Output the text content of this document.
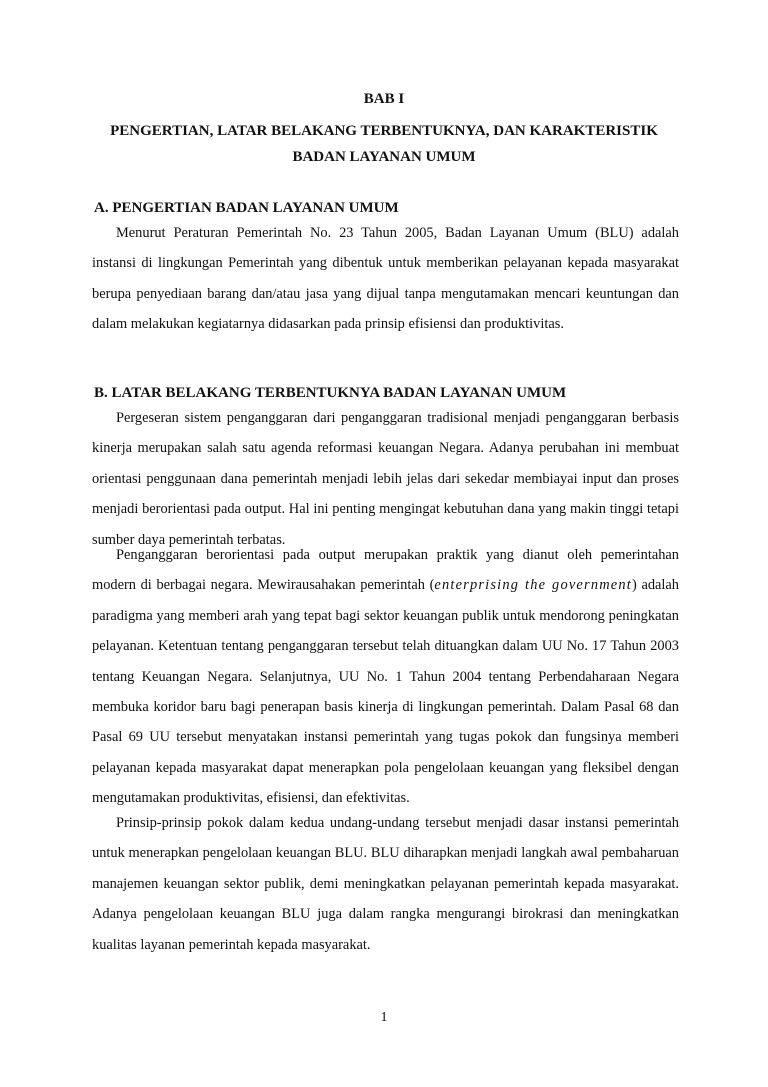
BAB I
PENGERTIAN, LATAR BELAKANG TERBENTUKNYA, DAN KARAKTERISTIK
BADAN LAYANAN UMUM
A. PENGERTIAN BADAN LAYANAN UMUM

Menurut Peraturan Pemerintah No. 23 Tahun 2005, Badan Layanan Umum (BLU) adalah instansi di lingkungan Pemerintah yang dibentuk untuk memberikan pelayanan kepada masyarakat berupa penyediaan barang dan/atau jasa yang dijual tanpa mengutamakan mencari keuntungan dan dalam melakukan kegiatarnya didasarkan pada prinsip efisiensi dan produktivitas.

B. LATAR BELAKANG TERBENTUKNYA BADAN LAYANAN UMUM

Pergeseran sistem penganggaran dari penganggaran tradisional menjadi penganggaran berbasis kinerja merupakan salah satu agenda reformasi keuangan Negara. Adanya perubahan ini membuat orientasi penggunaan dana pemerintah menjadi lebih jelas dari sekedar membiayai input dan proses menjadi berorientasi pada output. Hal ini penting mengingat kebutuhan dana yang makin tinggi tetapi sumber daya pemerintah terbatas.

Penganggaran berorientasi pada output merupakan praktik yang dianut oleh pemerintahan modern di berbagai negara. Mewirausahakan pemerintah (enterprising the government) adalah paradigma yang memberi arah yang tepat bagi sektor keuangan publik untuk mendorong peningkatan pelayanan. Ketentuan tentang penganggaran tersebut telah dituangkan dalam UU No. 17 Tahun 2003 tentang Keuangan Negara. Selanjutnya, UU No. 1 Tahun 2004 tentang Perbendaharaan Negara membuka koridor baru bagi penerapan basis kinerja di lingkungan pemerintah. Dalam Pasal 68 dan Pasal 69 UU tersebut menyatakan instansi pemerintah yang tugas pokok dan fungsinya memberi pelayanan kepada masyarakat dapat menerapkan pola pengelolaan keuangan yang fleksibel dengan mengutamakan produktivitas, efisiensi, dan efektivitas.

Prinsip-prinsip pokok dalam kedua undang-undang tersebut menjadi dasar instansi pemerintah untuk menerapkan pengelolaan keuangan BLU. BLU diharapkan menjadi langkah awal pembaharuan manajemen keuangan sektor publik, demi meningkatkan pelayanan pemerintah kepada masyarakat. Adanya pengelolaan keuangan BLU juga dalam rangka mengurangi birokrasi dan meningkatkan kualitas layanan pemerintah kepada masyarakat.

1
